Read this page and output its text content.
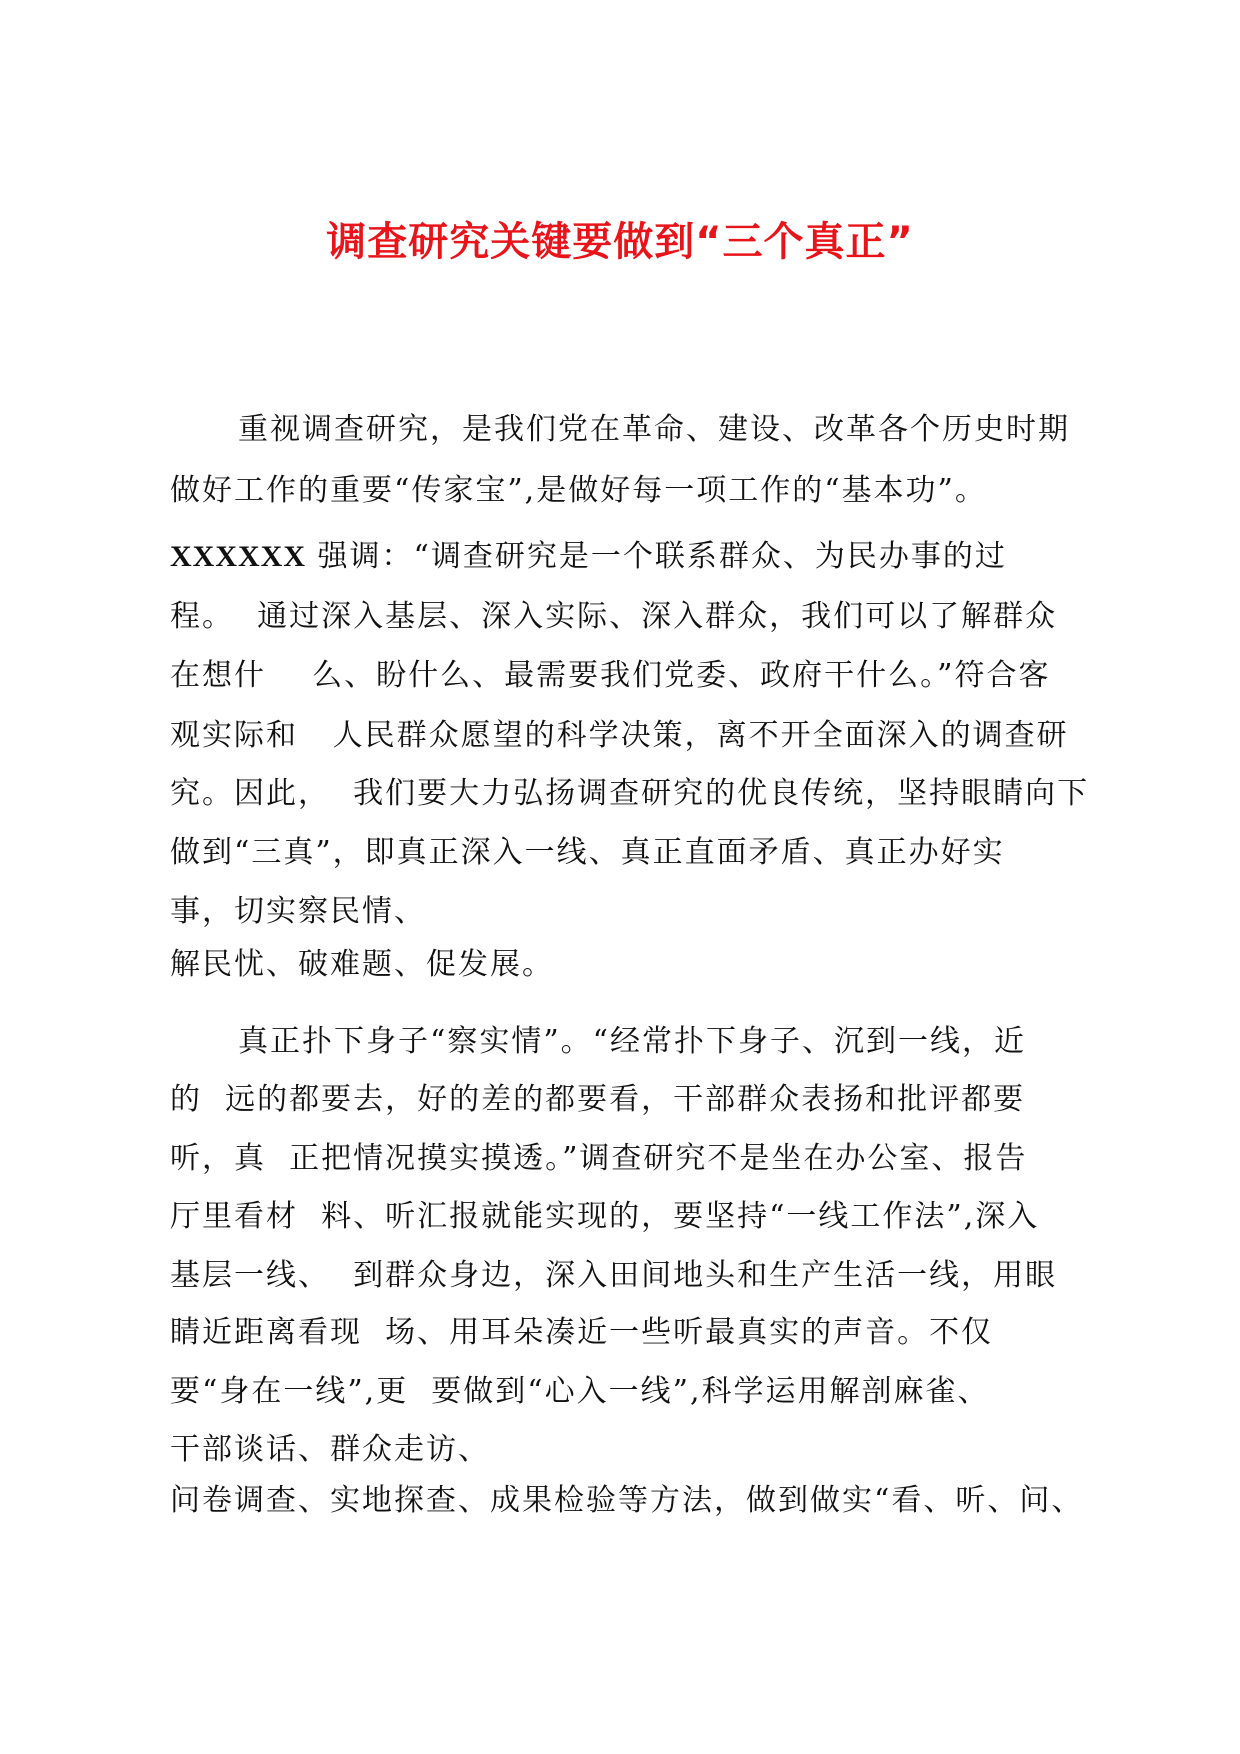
调查研究关键要做到“三个真正”
重视调查研究，是我们党在革命、建设、改革各个历史时期
做好工作的重要“传家宝”,是做好每一项工作的“基本功”。
XXXXXX 强调：“调查研究是一个联系群众、为民办事的过
程。  通过深入基层、深入实际、深入群众，我们可以了解群众
在想什    么、盼什么、最需要我们党委、政府干什么。”符合客
观实际和   人民群众愿望的科学决策，离不开全面深入的调查研
究。因此，  我们要大力弘扬调查研究的优良传统，坚持眼睛向下
做到“三真”，即真正深入一线、真正直面矛盾、真正办好实
事，切实察民情、
解民忧、破难题、促发展。
真正扑下身子“察实情”。“经常扑下身子、沉到一线，近
的  远的都要去，好的差的都要看，干部群众表扬和批评都要
听，真  正把情况摸实摸透。”调查研究不是坐在办公室、报告
厅里看材  料、听汇报就能实现的，要坚持“一线工作法”,深入
基层一线、  到群众身边，深入田间地头和生产生活一线，用眼
睛近距离看现  场、用耳朵凑近一些听最真实的声音。不仅
要“身在一线”,更  要做到“心入一线”,科学运用解剖麻雀、
干部谈话、群众走访、
问卷调查、实地探查、成果检验等方法，做到做实“看、听、问、
